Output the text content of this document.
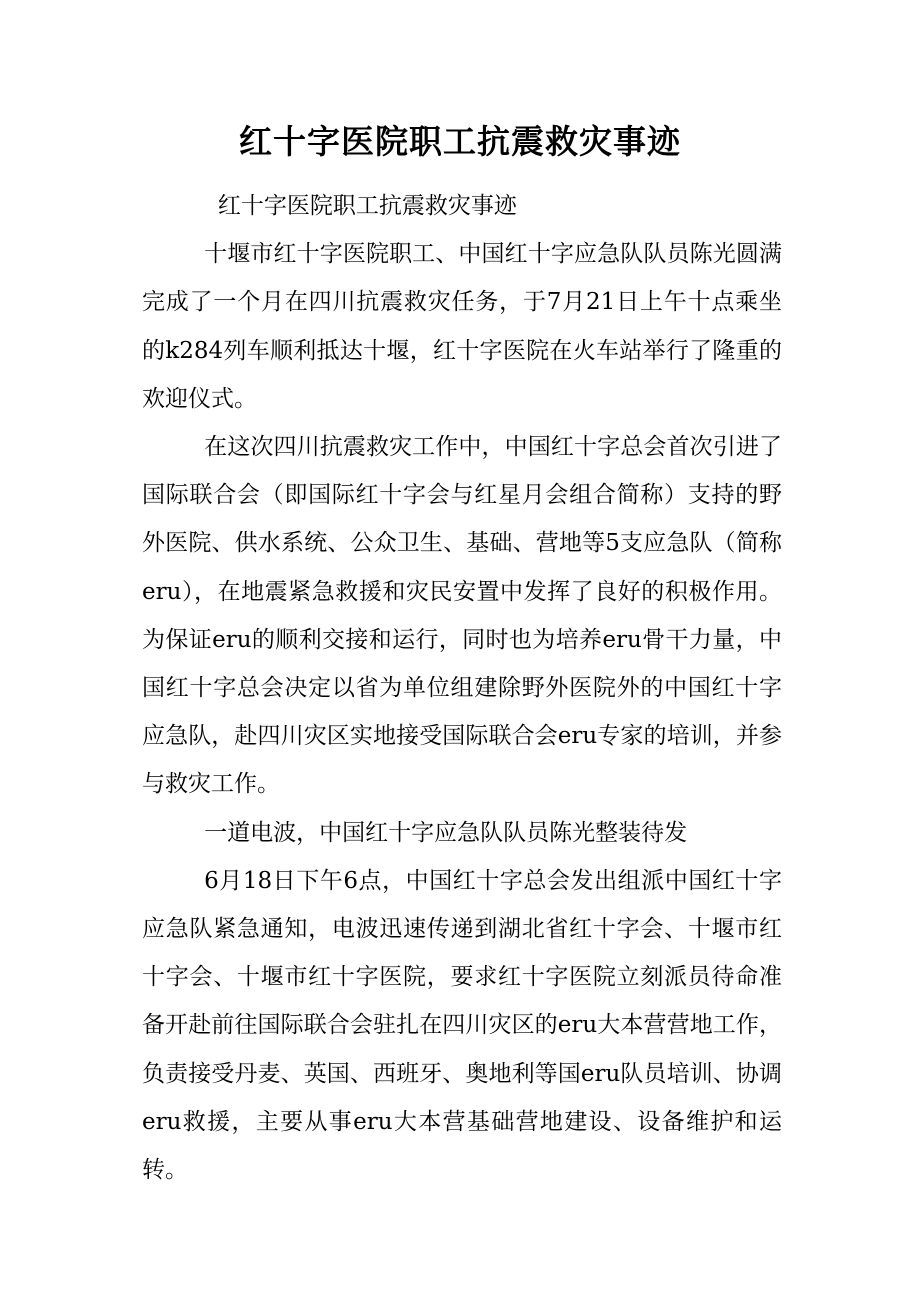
红十字医院职工抗震救灾事迹

红十字医院职工抗震救灾事迹

十堰市红十字医院职工、中国红十字应急队队员陈光圆满完成了一个月在四川抗震救灾任务，于7月21日上午十点乘坐的k284列车顺利抵达十堰，红十字医院在火车站举行了隆重的欢迎仪式。

在这次四川抗震救灾工作中，中国红十字总会首次引进了国际联合会（即国际红十字会与红星月会组合简称）支持的野外医院、供水系统、公众卫生、基础、营地等5支应急队（简称eru），在地震紧急救援和灾民安置中发挥了良好的积极作用。为保证eru的顺利交接和运行，同时也为培养eru骨干力量，中国红十字总会决定以省为单位组建除野外医院外的中国红十字应急队，赴四川灾区实地接受国际联合会eru专家的培训，并参与救灾工作。

一道电波，中国红十字应急队队员陈光整装待发

6月18日下午6点，中国红十字总会发出组派中国红十字应急队紧急通知，电波迅速传递到湖北省红十字会、十堰市红十字会、十堰市红十字医院，要求红十字医院立刻派员待命准备开赴前往国际联合会驻扎在四川灾区的eru大本营营地工作，负责接受丹麦、英国、西班牙、奥地利等国eru队员培训、协调eru救援，主要从事eru大本营基础营地建设、设备维护和运转。
